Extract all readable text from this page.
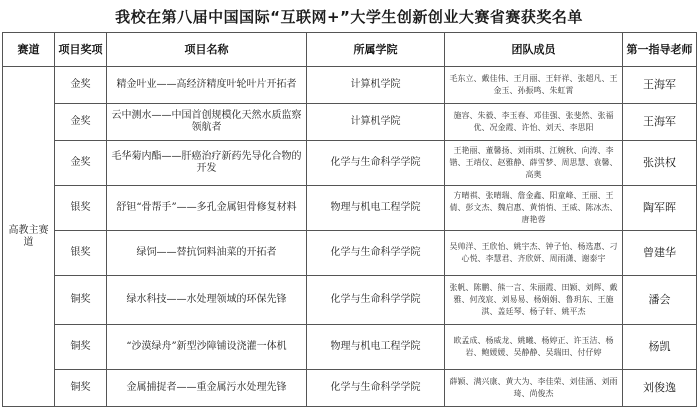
我校在第八届中国国际“互联网+”大学生创新创业大赛省赛获奖名单
赛道	项目奖项	项目名称	所属学院	团队成员	第一指导老师
高教主赛道	金奖	精金叶业——高经济精度叶轮叶片开拓者	计算机学院	毛东立、戴佳伟、王月丽、王轩祥、张超凡、王金玉、孙振鸣、朱虹霄	王海军
	金奖	云中测水——中国首创规模化天然水质监察领航者	计算机学院	施容、朱毅、李玉春、邓佳强、张斐然、张福优、况金霞、许怡、刘天、李思阳	王海军
	金奖	毛华菊内酯——肝癌治疗新药先导化合物的开发	化学与生命科学学院	王艳丽、董馨扬、刘雨琪、江婉秋、向涛、李锴、王靖仪、赵雅静、薛雪梦、周思慧、袁馨、高奥	张洪权
	银奖	舒钽“骨帮手”——多孔金属钽骨修复材料	物理与机电工程学院	方晴祺、张晴瑞、詹金鑫、阳童峰、王丽、王倩、彭文杰、魏启惠、黄悄悄、王威、陈冰杰、唐艳蓉	陶军晖
	银奖	绿饲——替抗饲料油菜的开拓者	化学与生命科学学院	吴帅洋、王欣怡、姚宇杰、钟子怡、杨选惠、刁心悦、李慧君、齐欣妍、周雨潇、谢泰宇	曾建华
	铜奖	绿水科技——水处理领域的环保先锋	化学与生命科学学院	张帆、陈鹏、熊一言、朱丽霞、田颖、刘辉、戴雅、何茂宸、刘易易、杨娟娟、鲁玥东、王施淇、盖廷琴、杨子轩、姚平杰	潘会
	铜奖	“沙漠绿舟”新型沙障铺设浇灌一体机	物理与机电工程学院	欧孟成、杨威龙、姚曦、杨婷正、许玉洁、杨岩、鲍媛媛、吴静静、吴瑞田、付仔婷	杨凯
	铜奖	金属捕捉者——重金属污水处理先锋	化学与生命科学学院	薛颖、满兴康、黄大为、李佳荣、刘佳涵、刘雨琦、尚俊杰	刘俊逸
